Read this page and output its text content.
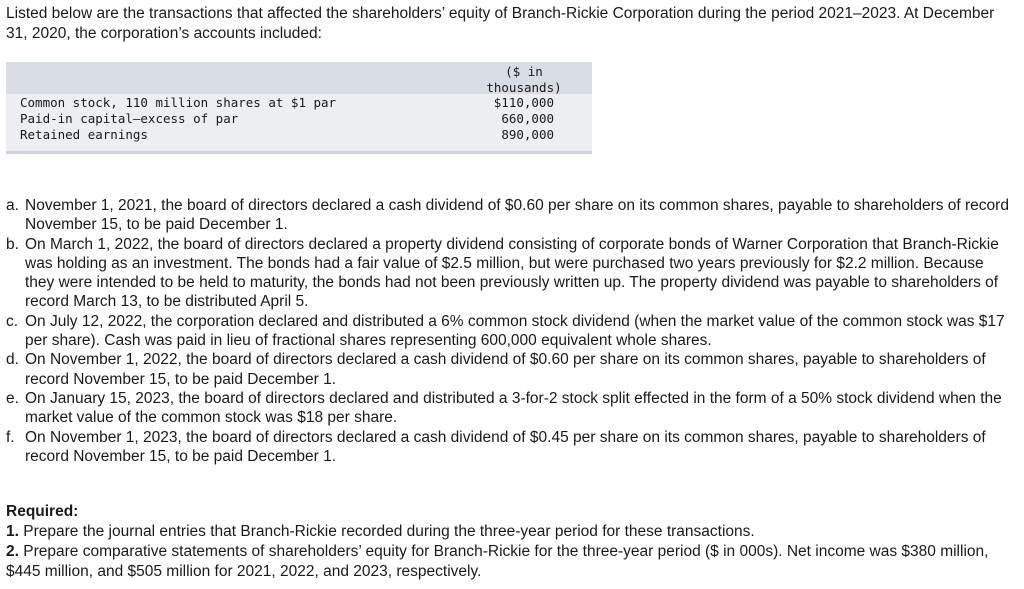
Listed below are the transactions that affected the shareholders’ equity of Branch-Rickie Corporation during the period 2021–2023. At December 31, 2020, the corporation’s accounts included:

($ in
thousands)
Common stock, 110 million shares at $1 par	$110,000
Paid-in capital—excess of par	660,000
Retained earnings	890,000
a. November 1, 2021, the board of directors declared a cash dividend of $0.60 per share on its common shares, payable to shareholders of record November 15, to be paid December 1.
b. On March 1, 2022, the board of directors declared a property dividend consisting of corporate bonds of Warner Corporation that Branch-Rickie was holding as an investment. The bonds had a fair value of $2.5 million, but were purchased two years previously for $2.2 million. Because they were intended to be held to maturity, the bonds had not been previously written up. The property dividend was payable to shareholders of record March 13, to be distributed April 5.
c. On July 12, 2022, the corporation declared and distributed a 6% common stock dividend (when the market value of the common stock was $17 per share). Cash was paid in lieu of fractional shares representing 600,000 equivalent whole shares.
d. On November 1, 2022, the board of directors declared a cash dividend of $0.60 per share on its common shares, payable to shareholders of record November 15, to be paid December 1.
e. On January 15, 2023, the board of directors declared and distributed a 3-for-2 stock split effected in the form of a 50% stock dividend when the market value of the common stock was $18 per share.
f. On November 1, 2023, the board of directors declared a cash dividend of $0.45 per share on its common shares, payable to shareholders of record November 15, to be paid December 1.

Required:

1. Prepare the journal entries that Branch-Rickie recorded during the three-year period for these transactions.

2. Prepare comparative statements of shareholders’ equity for Branch-Rickie for the three-year period ($ in 000s). Net income was $380 million, $445 million, and $505 million for 2021, 2022, and 2023, respectively.
